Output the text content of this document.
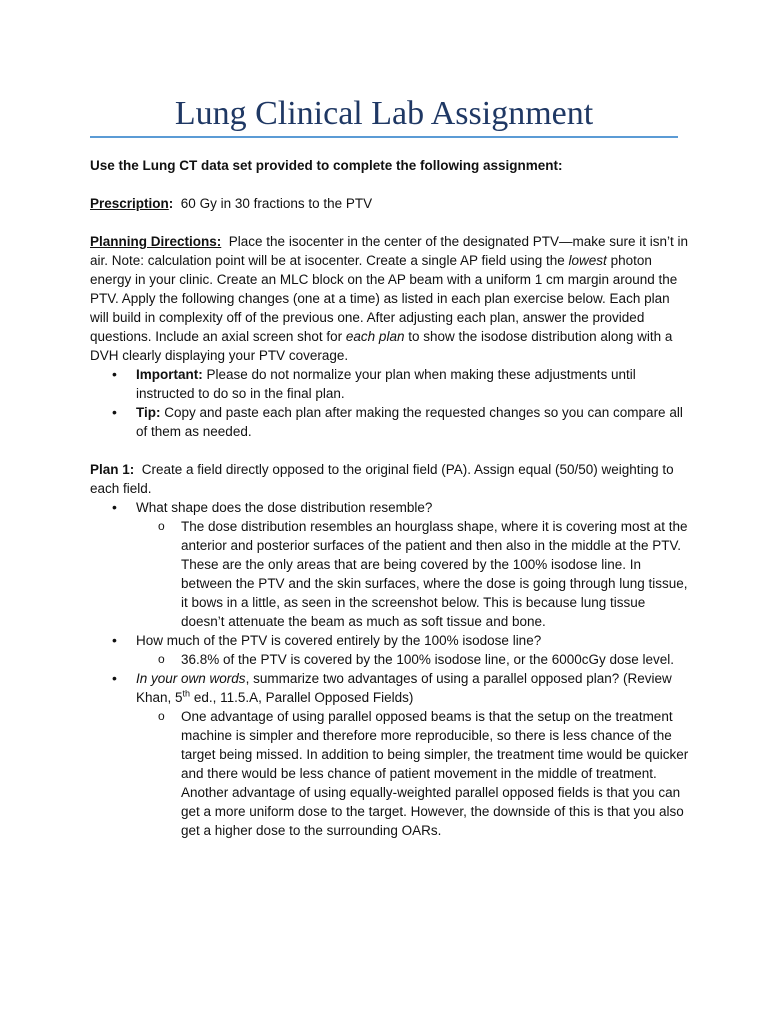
Lung Clinical Lab Assignment

Use the Lung CT data set provided to complete the following assignment:

Prescription: 60 Gy in 30 fractions to the PTV

Planning Directions: Place the isocenter in the center of the designated PTV—make sure it isn’t in air. Note: calculation point will be at isocenter. Create a single AP field using the lowest photon energy in your clinic. Create an MLC block on the AP beam with a uniform 1 cm margin around the PTV. Apply the following changes (one at a time) as listed in each plan exercise below. Each plan will build in complexity off of the previous one. After adjusting each plan, answer the provided questions. Include an axial screen shot for each plan to show the isodose distribution along with a DVH clearly displaying your PTV coverage.

• Important: Please do not normalize your plan when making these adjustments until instructed to do so in the final plan.
• Tip: Copy and paste each plan after making the requested changes so you can compare all of them as needed.

Plan 1: Create a field directly opposed to the original field (PA). Assign equal (50/50) weighting to each field.

• What shape does the dose distribution resemble?
o The dose distribution resembles an hourglass shape, where it is covering most at the anterior and posterior surfaces of the patient and then also in the middle at the PTV. These are the only areas that are being covered by the 100% isodose line. In between the PTV and the skin surfaces, where the dose is going through lung tissue, it bows in a little, as seen in the screenshot below. This is because lung tissue doesn’t attenuate the beam as much as soft tissue and bone.
• How much of the PTV is covered entirely by the 100% isodose line?
o 36.8% of the PTV is covered by the 100% isodose line, or the 6000cGy dose level.
• In your own words, summarize two advantages of using a parallel opposed plan? (Review Khan, 5th ed., 11.5.A, Parallel Opposed Fields)
o One advantage of using parallel opposed beams is that the setup on the treatment machine is simpler and therefore more reproducible, so there is less chance of the target being missed. In addition to being simpler, the treatment time would be quicker and there would be less chance of patient movement in the middle of treatment. Another advantage of using equally-weighted parallel opposed fields is that you can get a more uniform dose to the target. However, the downside of this is that you also get a higher dose to the surrounding OARs.
